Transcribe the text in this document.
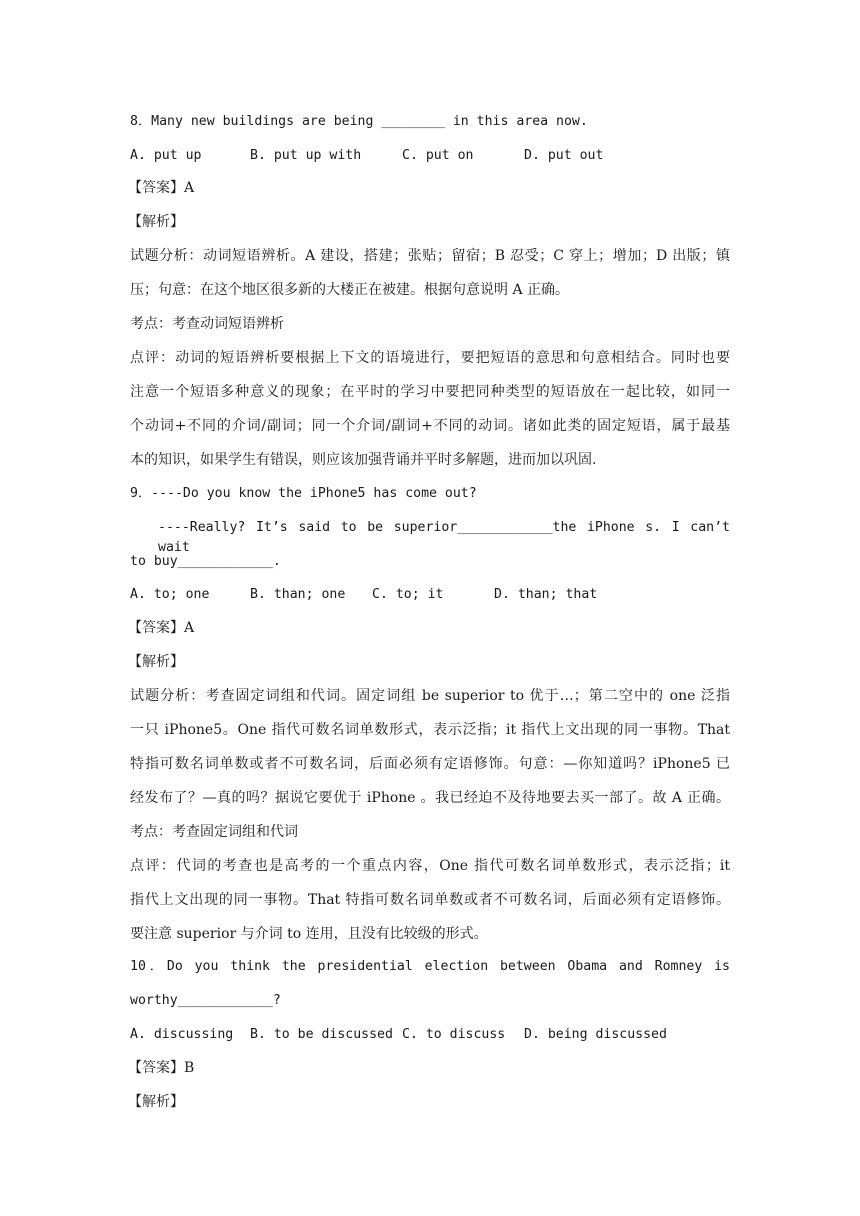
8．Many new buildings are being ________ in this area now.
A. put up	B. put up with	C. put on	D. put out
【答案】A
【解析】
试题分析：动词短语辨析。A 建设，搭建；张贴；留宿；B 忍受；C 穿上；增加；D 出版；镇
压；句意：在这个地区很多新的大楼正在被建。根据句意说明 A 正确。
考点：考查动词短语辨析
点评：动词的短语辨析要根据上下文的语境进行，要把短语的意思和句意相结合。同时也要
注意一个短语多种意义的现象；在平时的学习中要把同种类型的短语放在一起比较，如同一
个动词+不同的介词/副词；同一个介词/副词+不同的动词。诸如此类的固定短语，属于最基
本的知识，如果学生有错误，则应该加强背诵并平时多解题，进而加以巩固.
9．----Do you know the iPhone5 has come out?
----Really? It’s said to be superior____________the iPhone s. I can’t wait
to buy____________.
A. to; one	B. than; one C. to; it	D. than; that
【答案】A
【解析】
试题分析：考查固定词组和代词。固定词组 be superior to 优于…；第二空中的 one 泛指
一只 iPhone5。One 指代可数名词单数形式，表示泛指；it 指代上文出现的同一事物。That
特指可数名词单数或者不可数名词，后面必须有定语修饰。句意：—你知道吗？iPhone5 已
经发布了？—真的吗？据说它要优于 iPhone 。我已经迫不及待地要去买一部了。故 A 正确。
考点：考查固定词组和代词
点评：代词的考查也是高考的一个重点内容，One 指代可数名词单数形式，表示泛指；it
指代上文出现的同一事物。That 特指可数名词单数或者不可数名词，后面必须有定语修饰。
要注意 superior 与介词 to 连用，且没有比较级的形式。
10．Do you think the presidential election between Obama and Romney is
worthy____________?
A. discussing B. to be discussed C. to discuss D. being discussed
【答案】B
【解析】
